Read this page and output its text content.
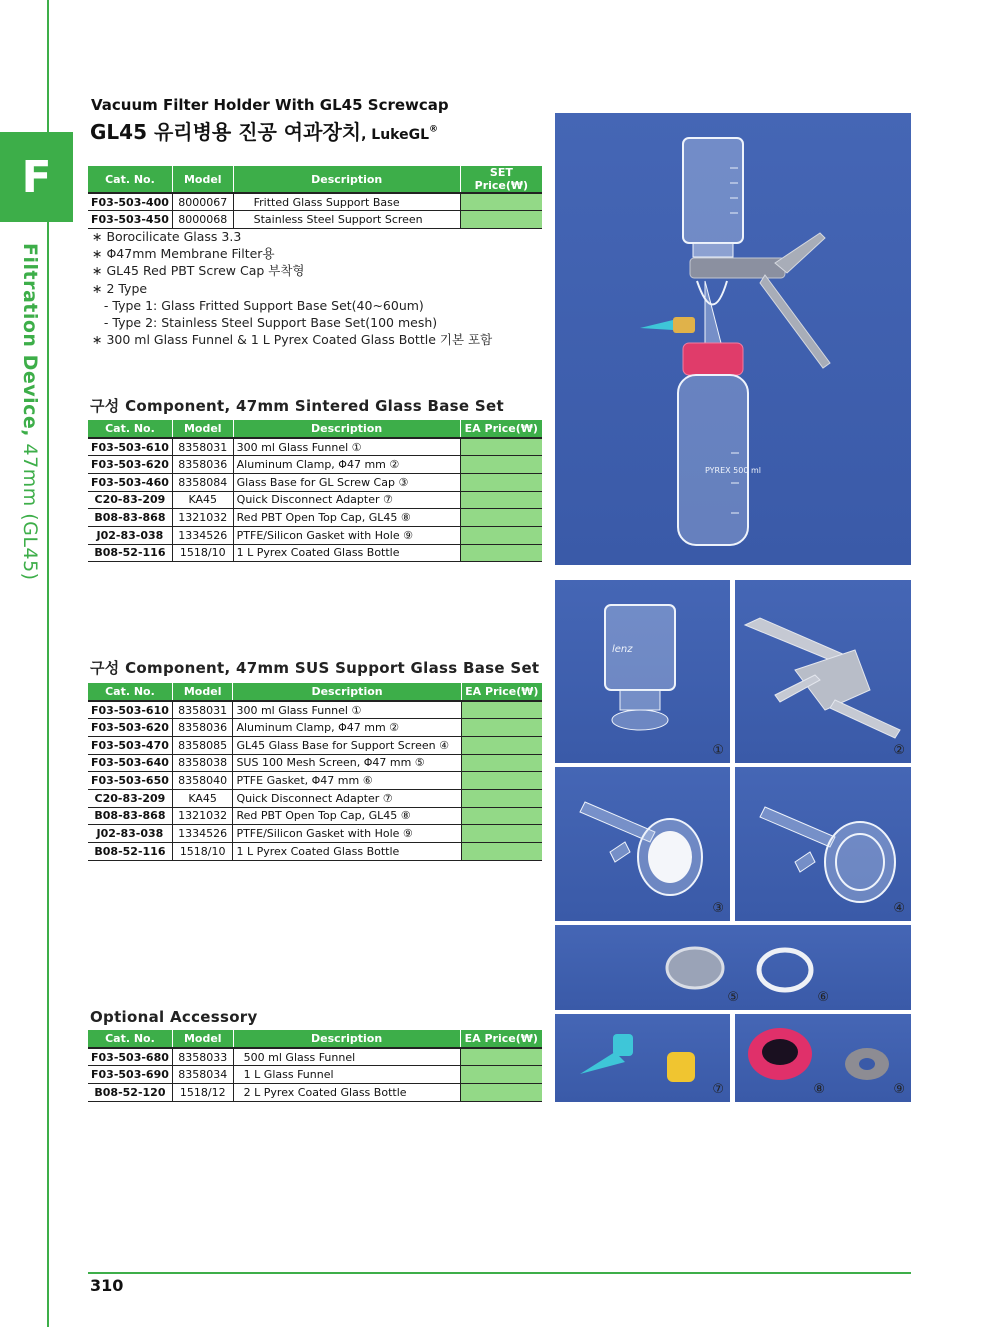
F
Filtration Device, 47mm (GL45)
Vacuum Filter Holder With GL45 Screwcap
GL45 유리병용 진공 여과장치, LukeGL®
Cat. No.	Model	Description	SET Price(₩)
F03-503-400	8000067	Fritted Glass Support Base	
F03-503-450	8000068	Stainless Steel Support Screen	
∗ Borocilicate Glass 3.3
∗ Φ47mm Membrane Filter용
∗ GL45 Red PBT Screw Cap 부착형
∗ 2 Type
- Type 1: Glass Fritted Support Base Set(40~60um)
- Type 2: Stainless Steel Support Base Set(100 mesh)
∗ 300 ml Glass Funnel & 1 L Pyrex Coated Glass Bottle 기본 포함
구성 Component, 47mm Sintered Glass Base Set
Cat. No.	Model	Description	EA Price(₩)
F03-503-610	8358031	300 ml Glass Funnel ①	
F03-503-620	8358036	Aluminum Clamp, Φ47 mm ②	
F03-503-460	8358084	Glass Base for GL Screw Cap ③	
C20-83-209	KA45	Quick Disconnect Adapter ⑦	
B08-83-868	1321032	Red PBT Open Top Cap, GL45 ⑧	
J02-83-038	1334526	PTFE/Silicon Gasket with Hole ⑨	
B08-52-116	1518/10	1 L Pyrex Coated Glass Bottle	
구성 Component, 47mm SUS Support Glass Base Set
Cat. No.	Model	Description	EA Price(₩)
F03-503-610	8358031	300 ml Glass Funnel ①	
F03-503-620	8358036	Aluminum Clamp, Φ47 mm ②	
F03-503-470	8358085	GL45 Glass Base for Support Screen ④	
F03-503-640	8358038	SUS 100 Mesh Screen, Φ47 mm ⑤	
F03-503-650	8358040	PTFE Gasket, Φ47 mm ⑥	
C20-83-209	KA45	Quick Disconnect Adapter ⑦	
B08-83-868	1321032	Red PBT Open Top Cap, GL45 ⑧	
J02-83-038	1334526	PTFE/Silicon Gasket with Hole ⑨	
B08-52-116	1518/10	1 L Pyrex Coated Glass Bottle	
Optional Accessory
Cat. No.	Model	Description	EA Price(₩)
F03-503-680	8358033	500 ml Glass Funnel	
F03-503-690	8358034	1 L Glass Funnel	
B08-52-120	1518/12	2 L Pyrex Coated Glass Bottle	
PYREX 500 ml
lenz
①	②
③	④
⑤	⑥
⑦	⑧	⑨
310
